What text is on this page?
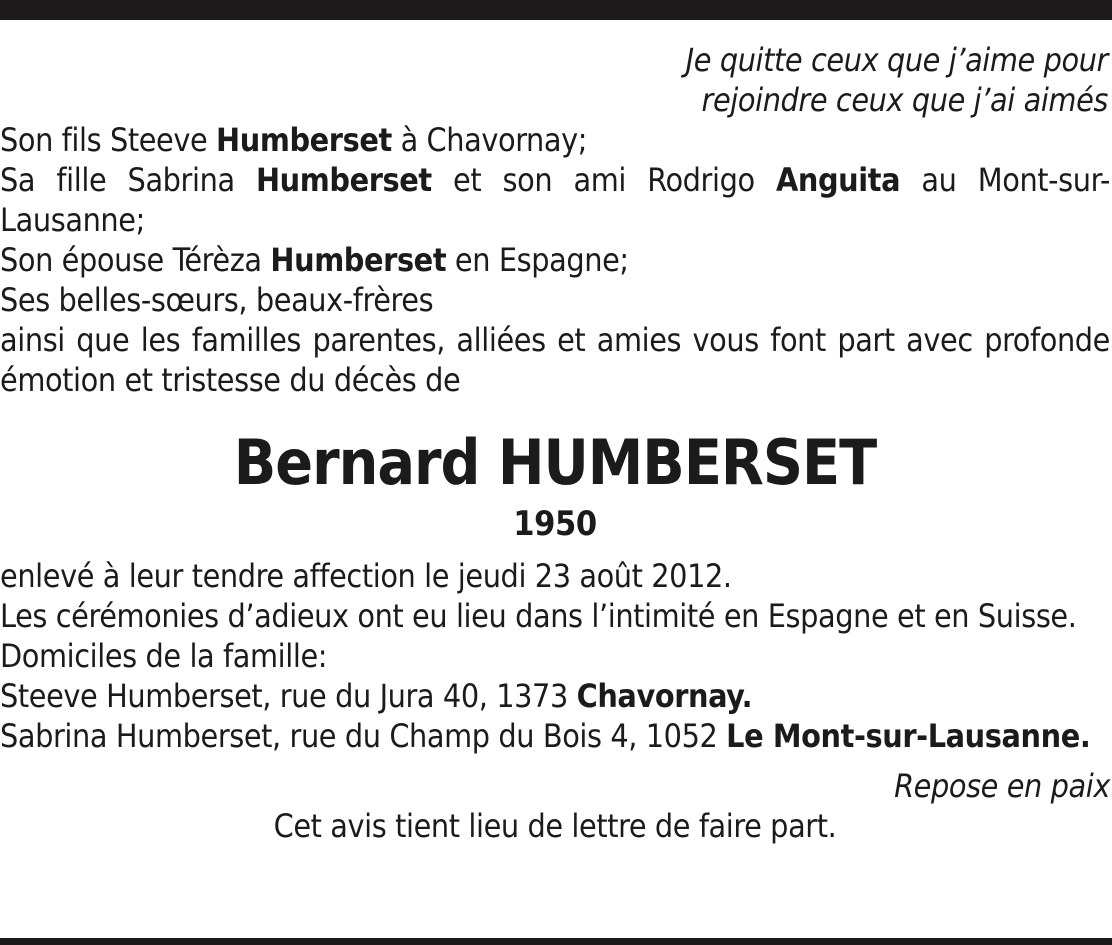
Je quitte ceux que j’aime pour
rejoindre ceux que j’ai aimés
Son fils Steeve Humberset à Chavornay;
Sa fille Sabrina Humberset et son ami Rodrigo Anguita au Mont-sur-Lausanne;
Son épouse Térèza Humberset en Espagne;
Ses belles-sœurs, beaux-frères
ainsi que les familles parentes, alliées et amies vous font part avec profonde émotion et tristesse du décès de
Bernard HUMBERSET
1950
enlevé à leur tendre affection le jeudi 23 août 2012.
Les cérémonies d’adieux ont eu lieu dans l’intimité en Espagne et en Suisse.
Domiciles de la famille:
Steeve Humberset, rue du Jura 40, 1373 Chavornay.
Sabrina Humberset, rue du Champ du Bois 4, 1052 Le Mont-sur-Lausanne.
Repose en paix
Cet avis tient lieu de lettre de faire part.
